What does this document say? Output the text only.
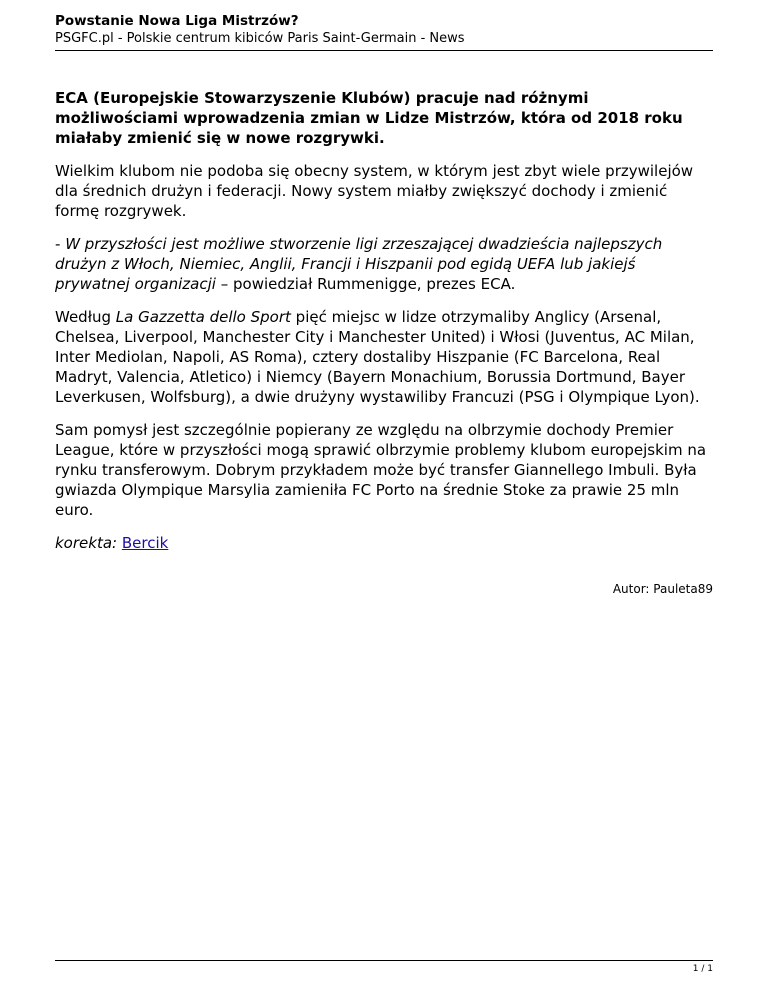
Powstanie Nowa Liga Mistrzów?
PSGFC.pl - Polskie centrum kibiców Paris Saint-Germain - News

ECA (Europejskie Stowarzyszenie Klubów) pracuje nad różnymi możliwościami wprowadzenia zmian w Lidze Mistrzów, która od 2018 roku miałaby zmienić się w nowe rozgrywki.

Wielkim klubom nie podoba się obecny system, w którym jest zbyt wiele przywilejów dla średnich drużyn i federacji. Nowy system miałby zwiększyć dochody i zmienić formę rozgrywek.

- W przyszłości jest możliwe stworzenie ligi zrzeszającej dwadzieścia najlepszych drużyn z Włoch, Niemiec, Anglii, Francji i Hiszpanii pod egidą UEFA lub jakiejś prywatnej organizacji – powiedział Rummenigge, prezes ECA.

Według La Gazzetta dello Sport pięć miejsc w lidze otrzymaliby Anglicy (Arsenal, Chelsea, Liverpool, Manchester City i Manchester United) i Włosi (Juventus, AC Milan, Inter Mediolan, Napoli, AS Roma), cztery dostaliby Hiszpanie (FC Barcelona, Real Madryt, Valencia, Atletico) i Niemcy (Bayern Monachium, Borussia Dortmund, Bayer Leverkusen, Wolfsburg), a dwie drużyny wystawiliby Francuzi (PSG i Olympique Lyon).

Sam pomysł jest szczególnie popierany ze względu na olbrzymie dochody Premier League, które w przyszłości mogą sprawić olbrzymie problemy klubom europejskim na rynku transferowym. Dobrym przykładem może być transfer Giannellego Imbuli. Była gwiazda Olympique Marsylia zamieniła FC Porto na średnie Stoke za prawie 25 mln euro.

korekta: Bercik

Autor: Pauleta89
1 / 1
